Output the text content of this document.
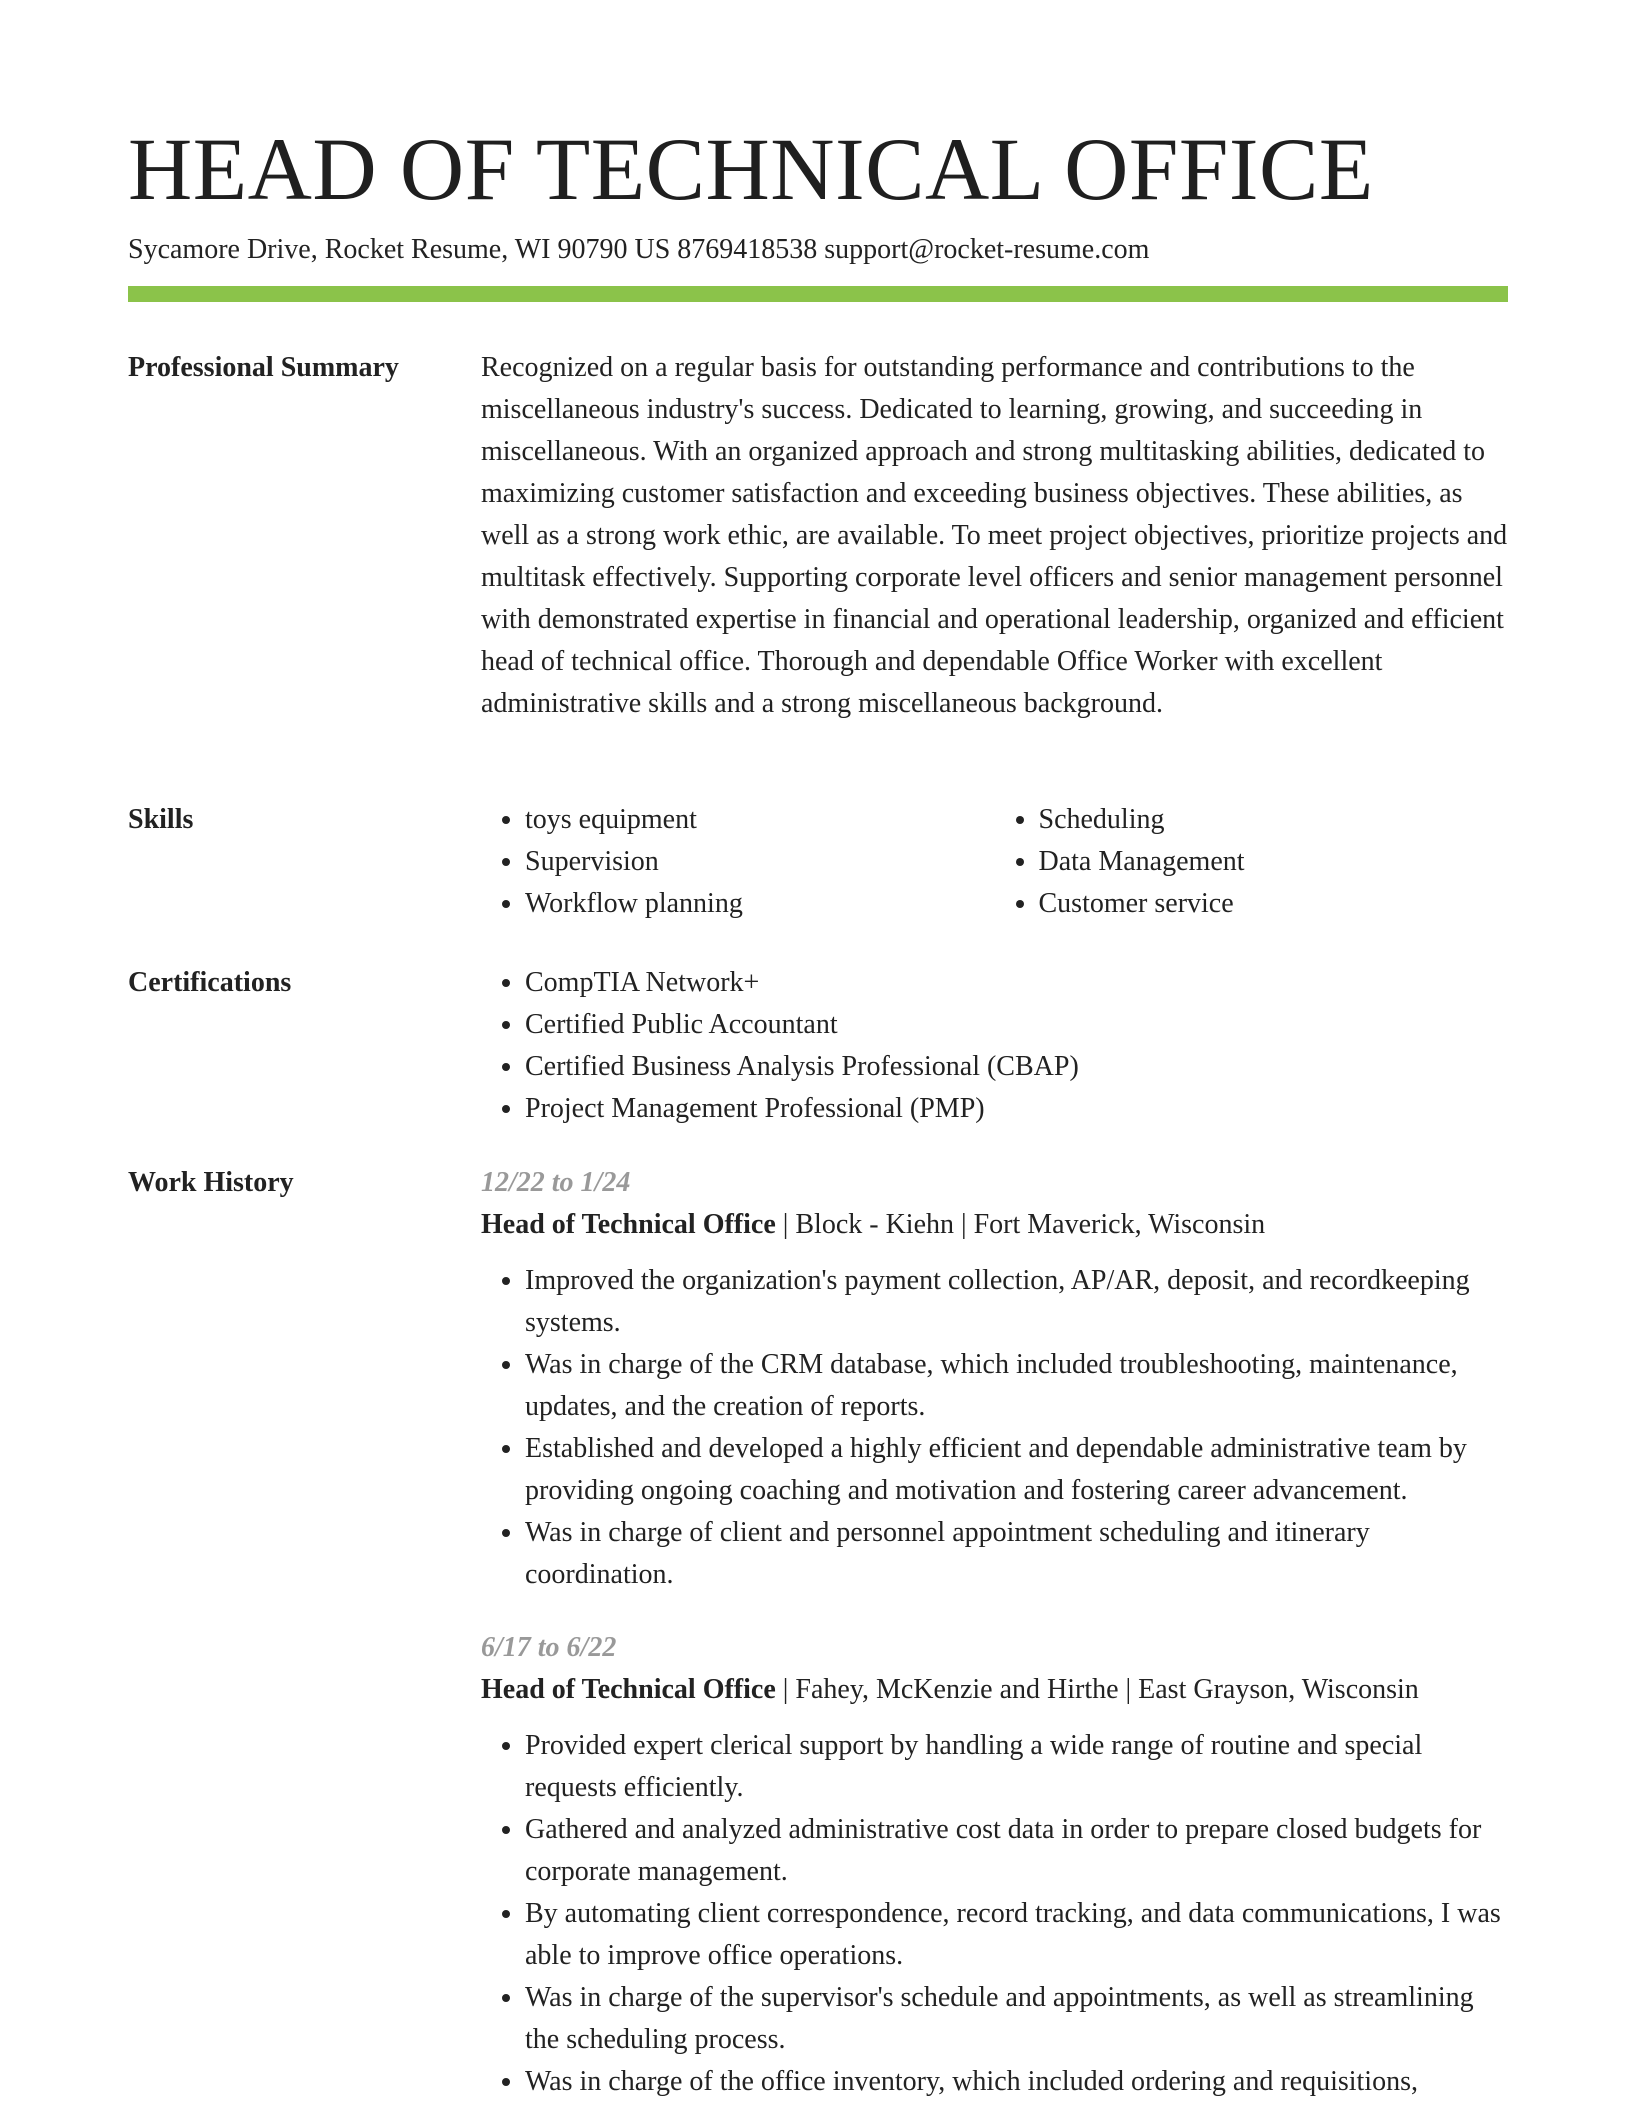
HEAD OF TECHNICAL OFFICE
Sycamore Drive, Rocket Resume, WI 90790 US 8769418538 support@rocket-resume.com
Professional Summary	Recognized on a regular basis for outstanding performance and contributions to the miscellaneous industry's success. Dedicated to learning, growing, and succeeding in miscellaneous. With an organized approach and strong multitasking abilities, dedicated to maximizing customer satisfaction and exceeding business objectives. These abilities, as well as a strong work ethic, are available. To meet project objectives, prioritize projects and multitask effectively. Supporting corporate level officers and senior management personnel with demonstrated expertise in financial and operational leadership, organized and efficient head of technical office. Thorough and dependable Office Worker with excellent administrative skills and a strong miscellaneous background.

Skills	• toys equipment
• Supervision
• Workflow planning
• Scheduling
• Data Management
• Customer service
Certifications	• CompTIA Network+
• Certified Public Accountant
• Certified Business Analysis Professional (CBAP)
• Project Management Professional (PMP)
Work History	12/22 to 1/24
Head of Technical Office | Block - Kiehn | Fort Maverick, Wisconsin
• Improved the organization's payment collection, AP/AR, deposit, and recordkeeping systems.
• Was in charge of the CRM database, which included troubleshooting, maintenance, updates, and the creation of reports.
• Established and developed a highly efficient and dependable administrative team by providing ongoing coaching and motivation and fostering career advancement.
• Was in charge of client and personnel appointment scheduling and itinerary coordination.
6/17 to 6/22
Head of Technical Office | Fahey, McKenzie and Hirthe | East Grayson, Wisconsin
• Provided expert clerical support by handling a wide range of routine and special requests efficiently.
• Gathered and analyzed administrative cost data in order to prepare closed budgets for corporate management.
• By automating client correspondence, record tracking, and data communications, I was able to improve office operations.
• Was in charge of the supervisor's schedule and appointments, as well as streamlining the scheduling process.
• Was in charge of the office inventory, which included ordering and requisitions,
